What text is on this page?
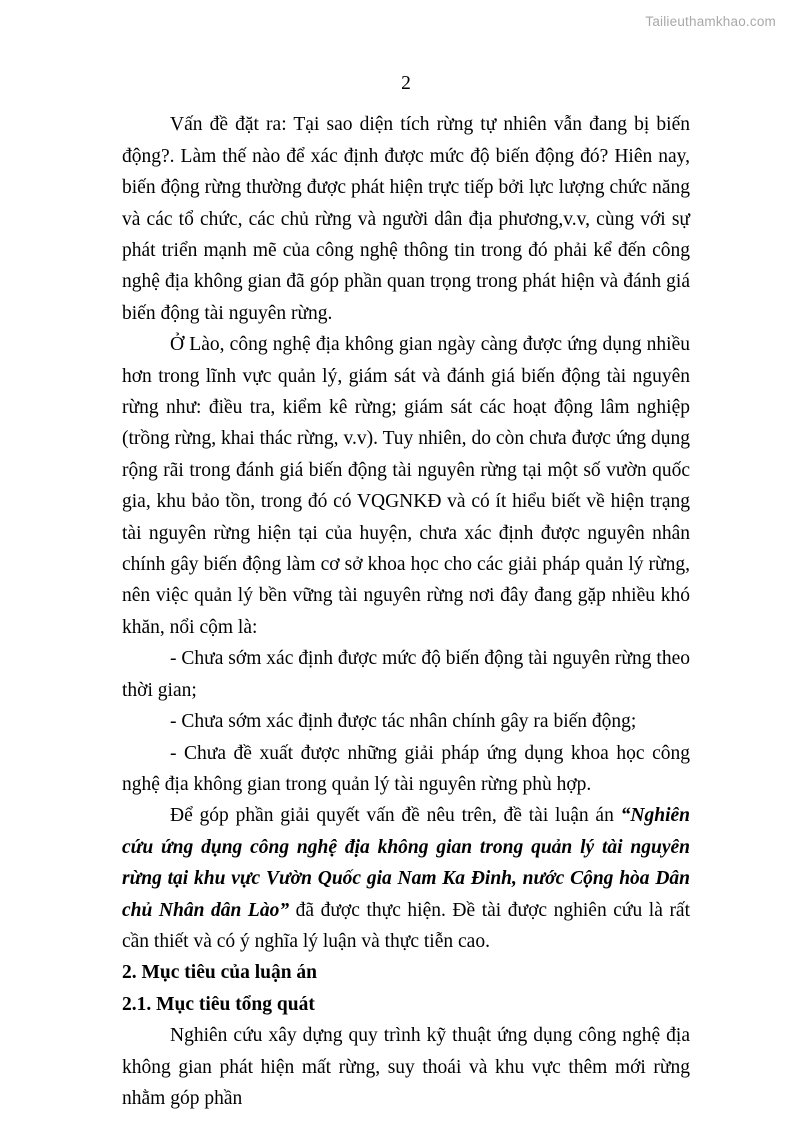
Tailieuthamkhao.com
2

Vấn đề đặt ra: Tại sao diện tích rừng tự nhiên vẫn đang bị biến động?. Làm thế nào để xác định được mức độ biến động đó? Hiên nay, biến động rừng thường được phát hiện trực tiếp bởi lực lượng chức năng và các tổ chức, các chủ rừng và người dân địa phương,v.v, cùng với sự phát triển mạnh mẽ của công nghệ thông tin trong đó phải kể đến công nghệ địa không gian đã góp phần quan trọng trong phát hiện và đánh giá biến động tài nguyên rừng.

Ở Lào, công nghệ địa không gian ngày càng được ứng dụng nhiều hơn trong lĩnh vực quản lý, giám sát và đánh giá biến động tài nguyên rừng như: điều tra, kiểm kê rừng; giám sát các hoạt động lâm nghiệp (trồng rừng, khai thác rừng, v.v). Tuy nhiên, do còn chưa được ứng dụng rộng rãi trong đánh giá biến động tài nguyên rừng tại một số vườn quốc gia, khu bảo tồn, trong đó có VQGNKĐ và có ít hiểu biết về hiện trạng tài nguyên rừng hiện tại của huyện, chưa xác định được nguyên nhân chính gây biến động làm cơ sở khoa học cho các giải pháp quản lý rừng, nên việc quản lý bền vững tài nguyên rừng nơi đây đang gặp nhiều khó khăn, nổi cộm là:

- Chưa sớm xác định được mức độ biến động tài nguyên rừng theo thời gian;

- Chưa sớm xác định được tác nhân chính gây ra biến động;

- Chưa đề xuất được những giải pháp ứng dụng khoa học công nghệ địa không gian trong quản lý tài nguyên rừng phù hợp.

Để góp phần giải quyết vấn đề nêu trên, đề tài luận án “Nghiên cứu ứng dụng công nghệ địa không gian trong quản lý tài nguyên rừng tại khu vực Vườn Quốc gia Nam Ka Đinh, nước Cộng hòa Dân chủ Nhân dân Lào” đã được thực hiện. Đề tài được nghiên cứu là rất cần thiết và có ý nghĩa lý luận và thực tiễn cao.

2. Mục tiêu của luận án
2.1. Mục tiêu tổng quát

Nghiên cứu xây dựng quy trình kỹ thuật ứng dụng công nghệ địa không gian phát hiện mất rừng, suy thoái và khu vực thêm mới rừng nhằm góp phần
